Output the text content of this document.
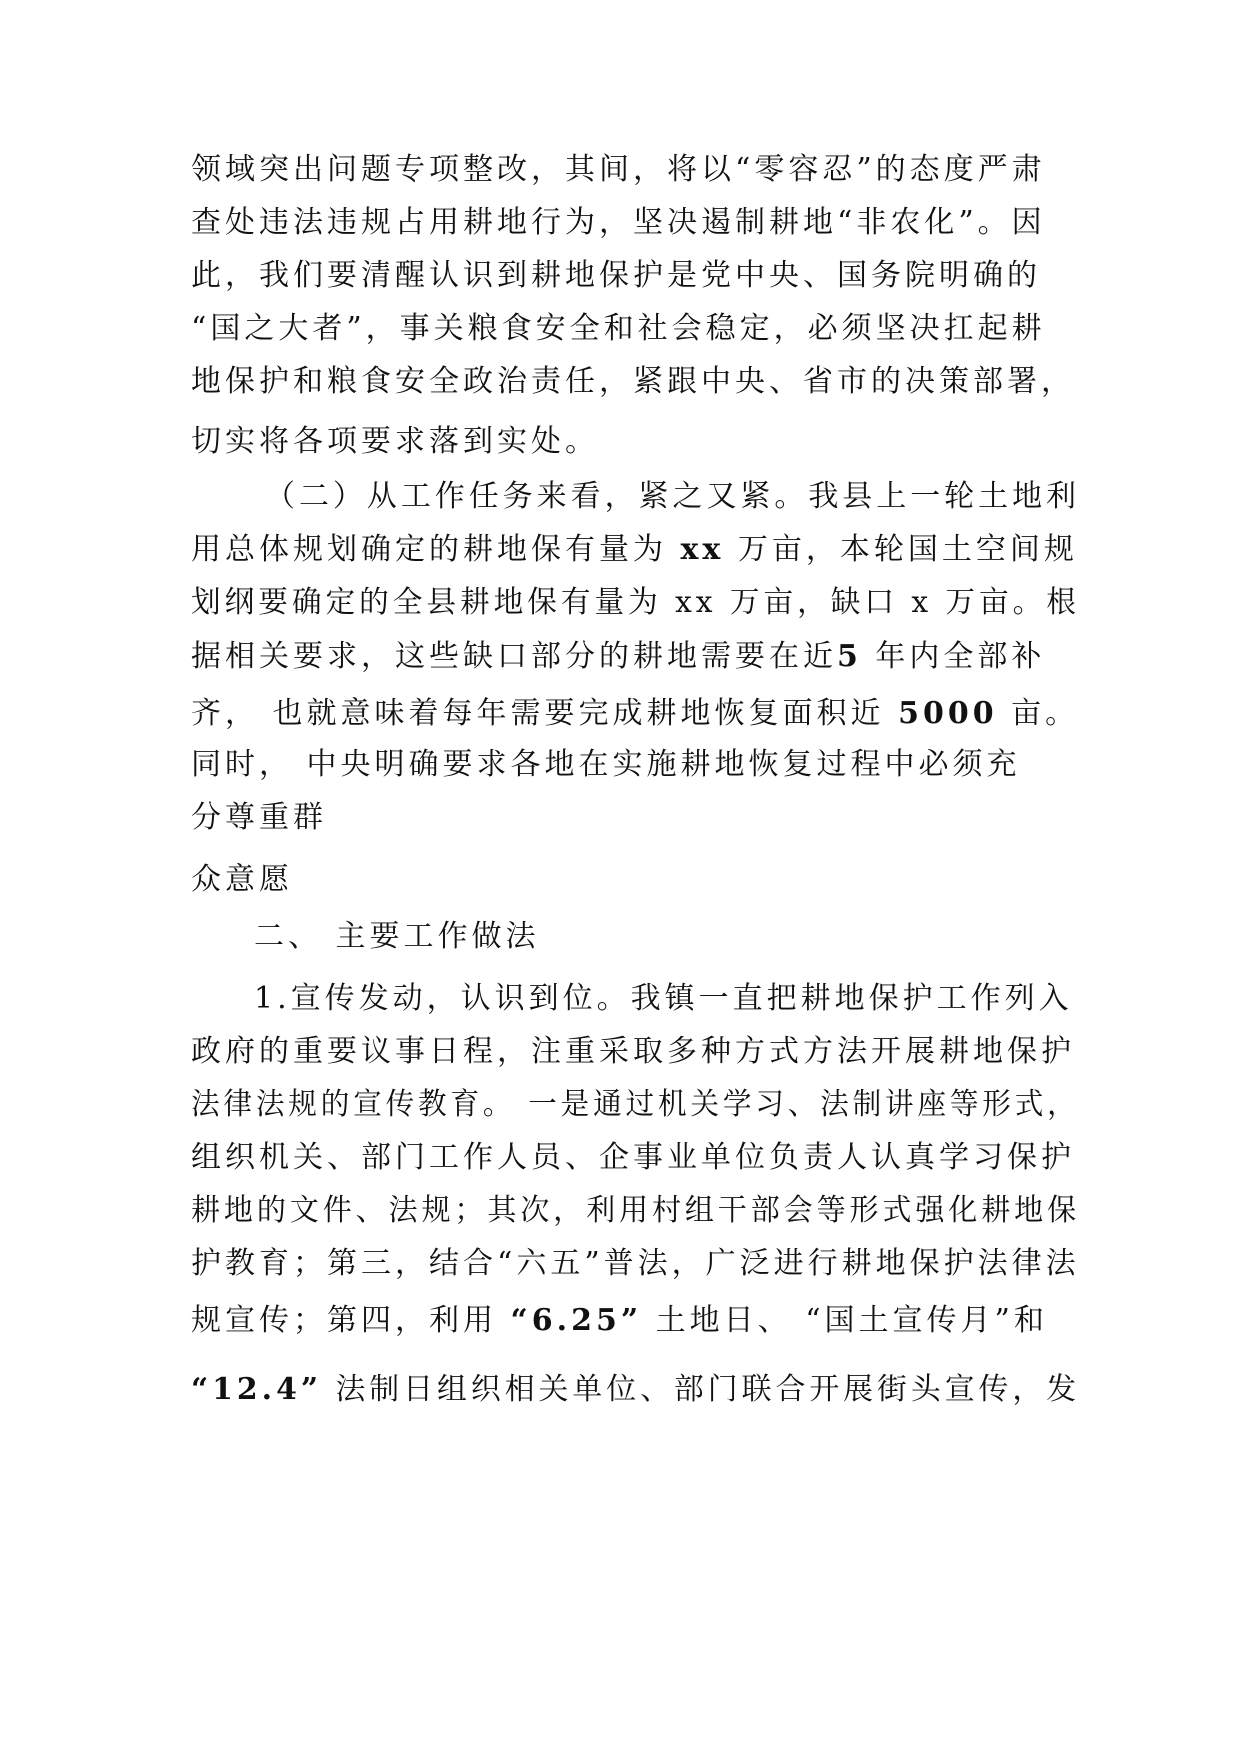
领域突出问题专项整改，其间，将以“零容忍”的态度严肃
查处违法违规占用耕地行为，坚决遏制耕地“非农化”。因
此，我们要清醒认识到耕地保护是党中央、国务院明确的
“国之大者”，事关粮食安全和社会稳定，必须坚决扛起耕
地保护和粮食安全政治责任，紧跟中央、省市的决策部署，
切实将各项要求落到实处。
（二）从工作任务来看，紧之又紧。我县上一轮土地利
用总体规划确定的耕地保有量为 xx 万亩，本轮国土空间规
划纲要确定的全县耕地保有量为 xx 万亩，缺口 x 万亩。根
据相关要求，这些缺口部分的耕地需要在近5 年内全部补
齐， 也就意味着每年需要完成耕地恢复面积近 5000 亩。
同时， 中央明确要求各地在实施耕地恢复过程中必须充
分尊重群
众意愿
二、 主要工作做法
1.宣传发动，认识到位。我镇一直把耕地保护工作列入
政府的重要议事日程，注重采取多种方式方法开展耕地保护
法律法规的宣传教育。 一是通过机关学习、法制讲座等形式，
组织机关、部门工作人员、企事业单位负责人认真学习保护
耕地的文件、法规；其次，利用村组干部会等形式强化耕地保
护教育；第三，结合“六五”普法，广泛进行耕地保护法律法
规宣传；第四，利用 “6.25” 土地日、 “国土宣传月”和
“12.4” 法制日组织相关单位、部门联合开展街头宣传，发
